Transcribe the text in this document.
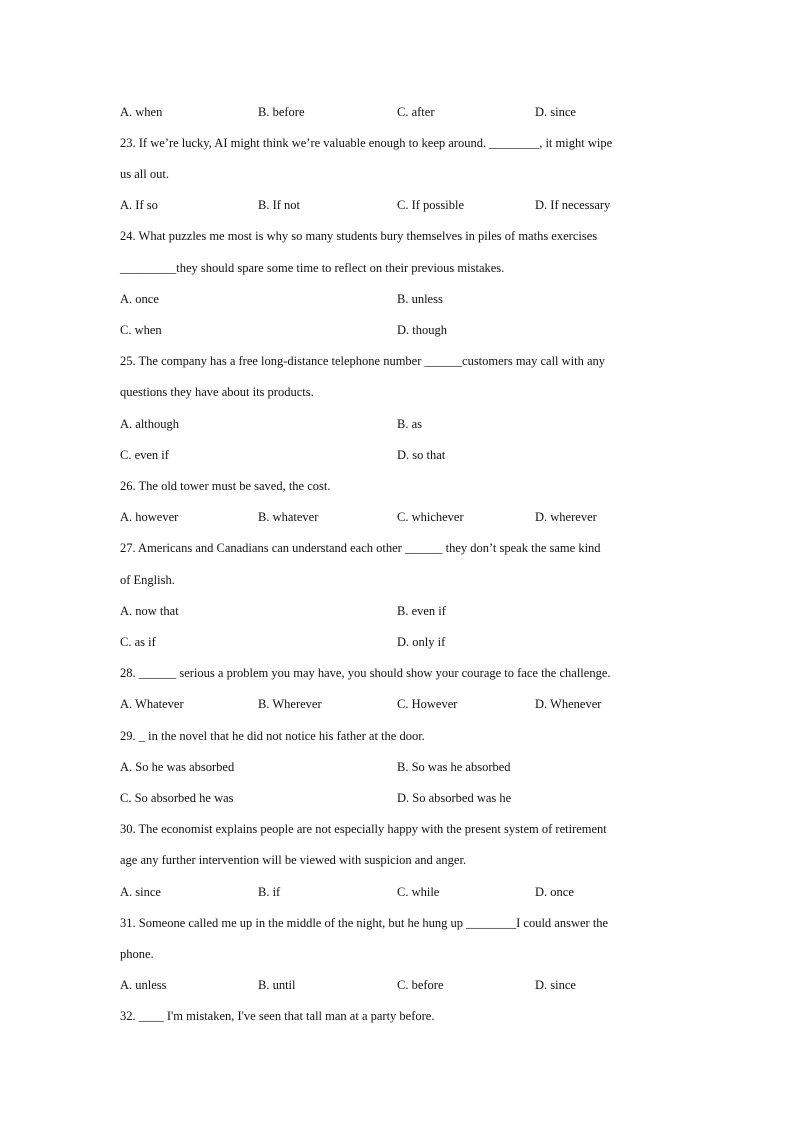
A. when	B. before	C. after	D. since
23. If we’re lucky, AI might think we’re valuable enough to keep around. ________, it might wipe
us all out.
A. If so	B. If not	C. If possible	D. If necessary
24. What puzzles me most is why so many students bury themselves in piles of maths exercises
_________they should spare some time to reflect on their previous mistakes.
A. once	B. unless
C. when	D. though
25. The company has a free long-distance telephone number ______customers may call with any
questions they have about its products.
A. although	B. as
C. even if	D. so that
26. The old tower must be saved, the cost.
A. however	B. whatever	C. whichever	D. wherever
27. Americans and Canadians can understand each other ______ they don’t speak the same kind
of English.
A. now that	B. even if
C. as if	D. only if
28. ______ serious a problem you may have, you should show your courage to face the challenge.
A. Whatever	B. Wherever	C. However	D. Whenever
29. _ in the novel that he did not notice his father at the door.
A. So he was absorbed	B. So was he absorbed
C. So absorbed he was	D. So absorbed was he
30. The economist explains people are not especially happy with the present system of retirement
age any further intervention will be viewed with suspicion and anger.
A. since	B. if	C. while	D. once
31. Someone called me up in the middle of the night, but he hung up ________I could answer the
phone.
A. unless	B. until	C. before	D. since
32. ____ I'm mistaken, I've seen that tall man at a party before.
